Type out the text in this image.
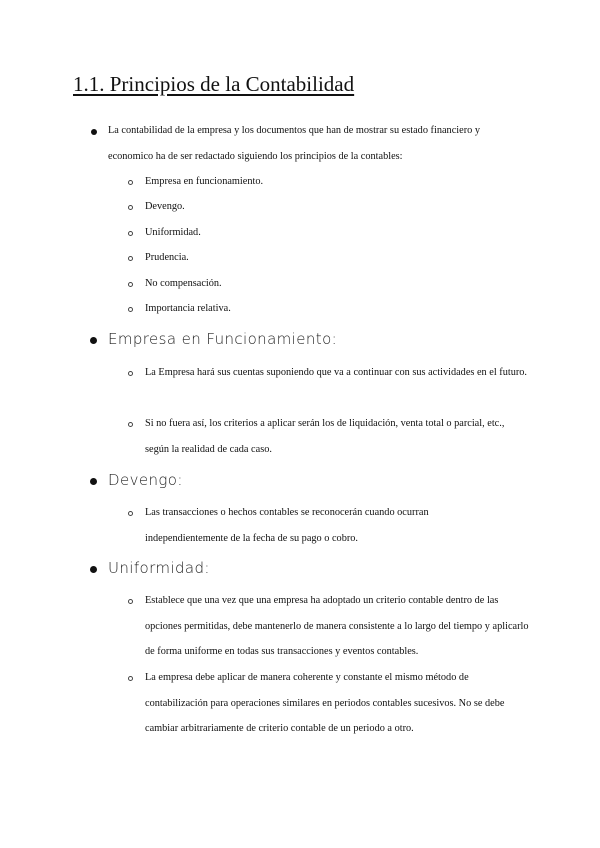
1.1. Principios de la Contabilidad
La contabilidad de la empresa y los documentos que han de mostrar su estado financiero y economico ha de ser redactado siguiendo los principios de la contables:
Empresa en funcionamiento.
Devengo.
Uniformidad.
Prudencia.
No compensación.
Importancia relativa.
Empresa en Funcionamiento:
La Empresa hará sus cuentas suponiendo que va a continuar con sus actividades en el futuro.
Si no fuera así, los criterios a aplicar serán los de liquidación, venta total o parcial, etc., según la realidad de cada caso.
Devengo:
Las transacciones o hechos contables se reconocerán cuando ocurran independientemente de la fecha de su pago o cobro.
Uniformidad:
Establece que una vez que una empresa ha adoptado un criterio contable dentro de las opciones permitidas, debe mantenerlo de manera consistente a lo largo del tiempo y aplicarlo de forma uniforme en todas sus transacciones y eventos contables.
La empresa debe aplicar de manera coherente y constante el mismo método de contabilización para operaciones similares en periodos contables sucesivos. No se debe cambiar arbitrariamente de criterio contable de un periodo a otro.
